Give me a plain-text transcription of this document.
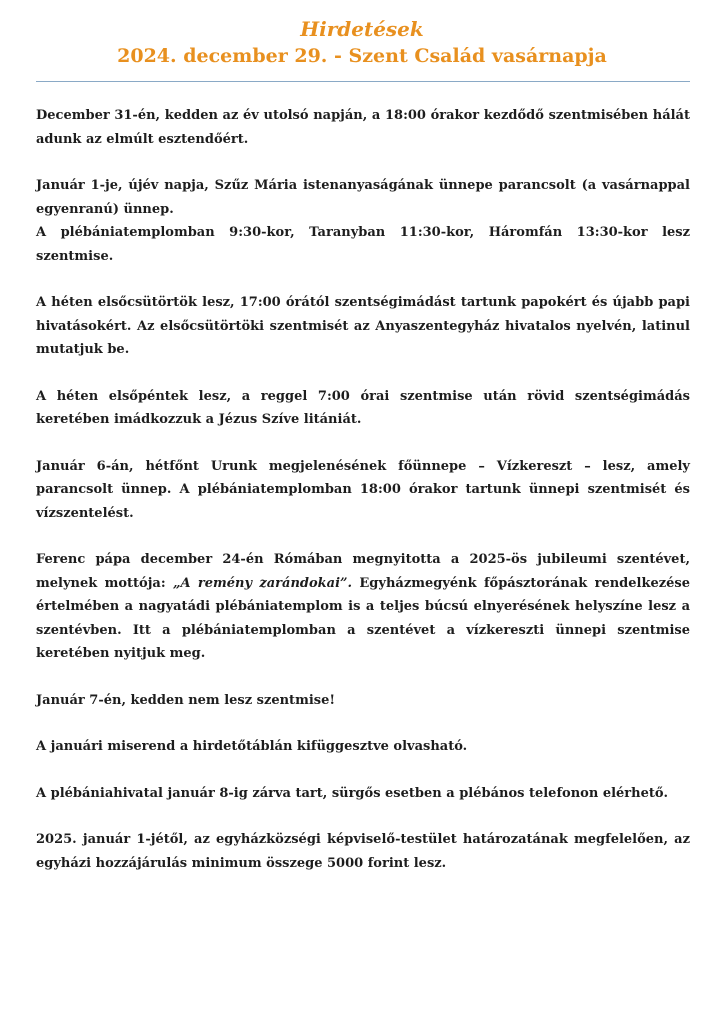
Hirdetések

2024. december 29. - Szent Család vasárnapja

December 31-én, kedden az év utolsó napján, a 18:00 órakor kezdődő szentmisében hálát adunk az elmúlt esztendőért.

Január 1-je, újév napja, Szűz Mária istenanyaságának ünnepe parancsolt (a vasárnappal egyenranú) ünnep.
A plébániatemplomban 9:30-kor, Taranyban 11:30-kor, Háromfán 13:30-kor lesz szentmise.

A héten elsőcsütörtök lesz, 17:00 órától szentségimádást tartunk papokért és újabb papi hivatásokért. Az elsőcsütörtöki szentmisét az Anyaszentegyház hivatalos nyelvén, latinul mutatjuk be.

A héten elsőpéntek lesz, a reggel 7:00 órai szentmise után rövid szentségimádás keretében imádkozzuk a Jézus Szíve litániát.

Január 6-án, hétfőnt Urunk megjelenésének főünnepe – Vízkereszt – lesz, amely parancsolt ünnep. A plébániatemplomban 18:00 órakor tartunk ünnepi szentmisét és vízszentelést.

Ferenc pápa december 24-én Rómában megnyitotta a 2025-ös jubileumi szentévet, melynek mottója: „A remény zarándokai”. Egyházmegyénk főpásztorának rendelkezése értelmében a nagyatádi plébániatemplom is a teljes búcsú elnyerésének helyszíne lesz a szentévben. Itt a plébániatemplomban a szentévet a vízkereszti ünnepi szentmise keretében nyitjuk meg.

Január 7-én, kedden nem lesz szentmise!

A januári miserend a hirdetőtáblán kifüggesztve olvasható.

A plébániahivatal január 8-ig zárva tart, sürgős esetben a plébános telefonon elérhető.

2025. január 1-jétől, az egyházközségi képviselő-testület határozatának megfelelően, az egyházi hozzájárulás minimum összege 5000 forint lesz.
